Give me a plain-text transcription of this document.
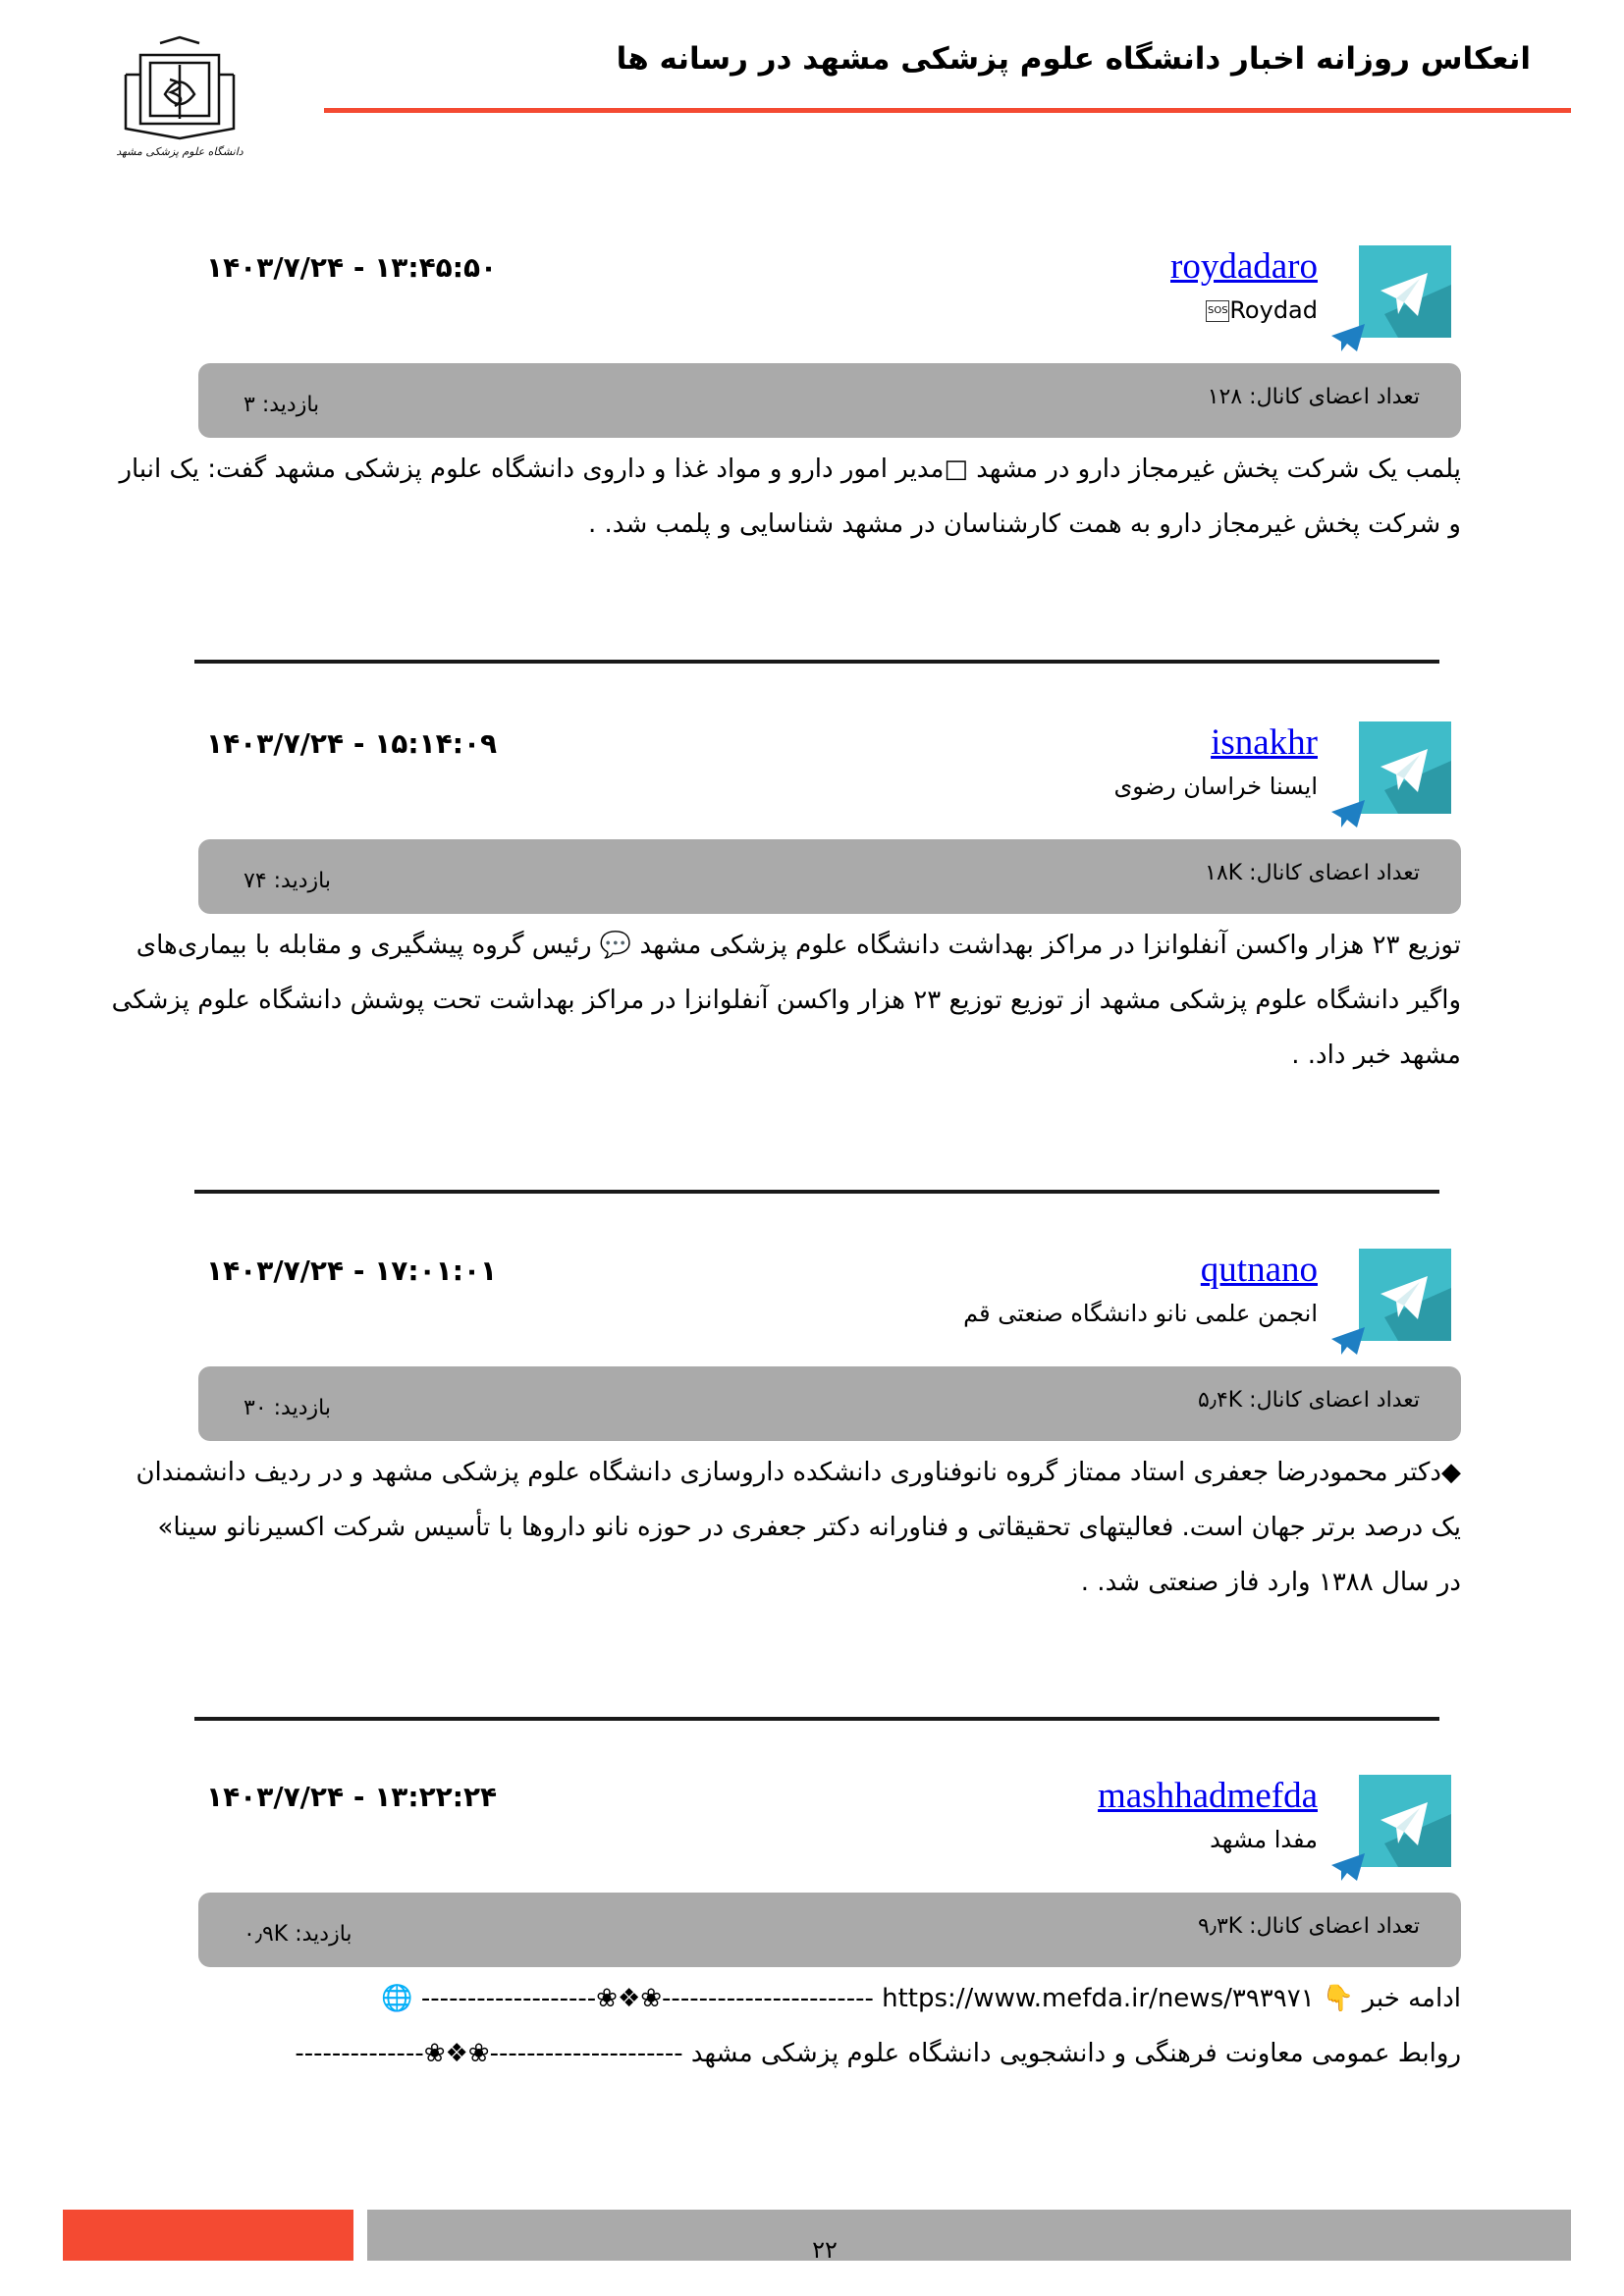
دانشگاه علوم پزشکی مشهد
انعکاس روزانه اخبار دانشگاه علوم پزشکی مشهد در رسانه ها
roydadaro
RoydadSOS
۱۴۰۳/۷/۲۴ - ۱۳:۴۵:۵۰
تعداد اعضای کانال: ۱۲۸
بازدید: ۳
پلمب یک شرکت پخش غیرمجاز دارو در مشهد □مدیر امور دارو و مواد غذا و داروی دانشگاه علوم پزشکی مشهد گفت: یک انبار
و شرکت پخش غیرمجاز دارو به همت کارشناسان در مشهد شناسایی و پلمب شد. .
isnakhr
ایسنا خراسان رضوی
۱۴۰۳/۷/۲۴ - ۱۵:۱۴:۰۹
تعداد اعضای کانال: ۱۸K
بازدید: ۷۴
توزیع ۲۳ هزار واکسن آنفلوانزا در مراکز بهداشت دانشگاه علوم پزشکی مشهد 💬 رئیس گروه پیشگیری و مقابله با بیماری‌های
واگیر دانشگاه علوم پزشکی مشهد از توزیع توزیع ۲۳ هزار واکسن آنفلوانزا در مراکز بهداشت تحت پوشش دانشگاه علوم پزشکی
مشهد خبر داد. .
qutnano
انجمن علمی نانو دانشگاه صنعتی قم
۱۴۰۳/۷/۲۴ - ۱۷:۰۱:۰۱
تعداد اعضای کانال: ۵٫۴K
بازدید: ۳۰
◆دکتر محمودرضا جعفری استاد ممتاز گروه نانوفناوری دانشکده داروسازی دانشگاه علوم پزشکی مشهد و در ردیف دانشمندان
یک درصد برتر جهان است. فعالیتهای تحقیقاتی و فناورانه دکتر جعفری در حوزه نانو داروها با تأسیس شرکت اکسیرنانو سینا»
در سال ۱۳۸۸ وارد فاز صنعتی شد. .
mashhadmefda
مفدا مشهد
۱۴۰۳/۷/۲۴ - ۱۳:۲۲:۲۴
تعداد اعضای کانال: ۹٫۳K
بازدید: ۰٫۹K
ادامه خبر 👇 https://www.mefda.ir/news/۳۹۳۹۷۱ -----------------------❀❖❀------------------- 🌐
روابط عمومی معاونت فرهنگی و دانشجویی دانشگاه علوم پزشکی مشهد ---------------------❀❖❀--------------
۲۲
